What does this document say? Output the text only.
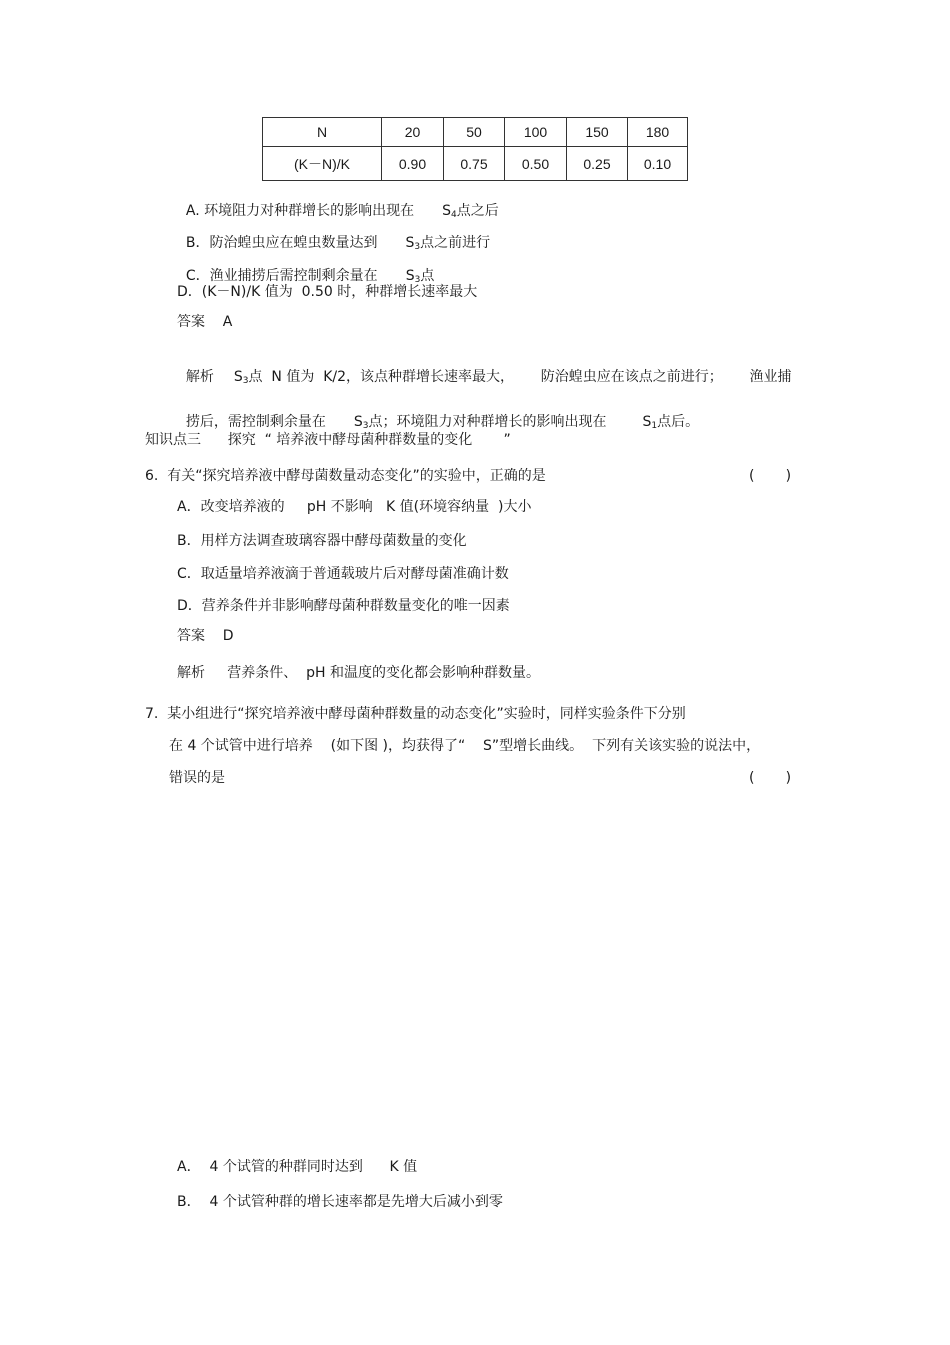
N	20	50	100	150	180
(K－N)/K	0.90	0.75	0.50	0.25	0.10

A. 环境阻力对种群增长的影响出现在 $S_4$点之后

B．防治蝗虫应在蝗虫数量达到 $S_3$点之前进行

C．渔业捕捞后需控制剩余量在 $S_3$点

D．(K－N)/K 值为  0.50 时，种群增长速率最大
答案    A

解析 $S_3$点  N 值为  K/2，该点种群增长速率最大，      防治蝗虫应在该点之前进行；      渔业捕

捞后，需控制剩余量在 $S_3$点；环境阻力对种群增长的影响出现在	$S_1$点后。

知识点三      探究  “ 培养液中酵母菌种群数量的变化       ”
6.  有关“探究培养液中酵母菌数量动态变化”的实验中，正确的是	(       )
A．改变培养液的     pH 不影响   K 值(环境容纳量  )大小
B．用样方法调查玻璃容器中酵母菌数量的变化
C．取适量培养液滴于普通载玻片后对酵母菌准确计数
D．营养条件并非影响酵母菌种群数量变化的唯一因素
答案    D
解析     营养条件、  pH 和温度的变化都会影响种群数量。
7.  某小组进行“探究培养液中酵母菌种群数量的动态变化”实验时，同样实验条件下分别
在 4 个试管中进行培养    (如下图 )，均获得了“    S”型增长曲线。  下列有关该实验的说法中，
错误的是	(       )
A．  4 个试管的种群同时达到      K 值
B．  4 个试管种群的增长速率都是先增大后减小到零
